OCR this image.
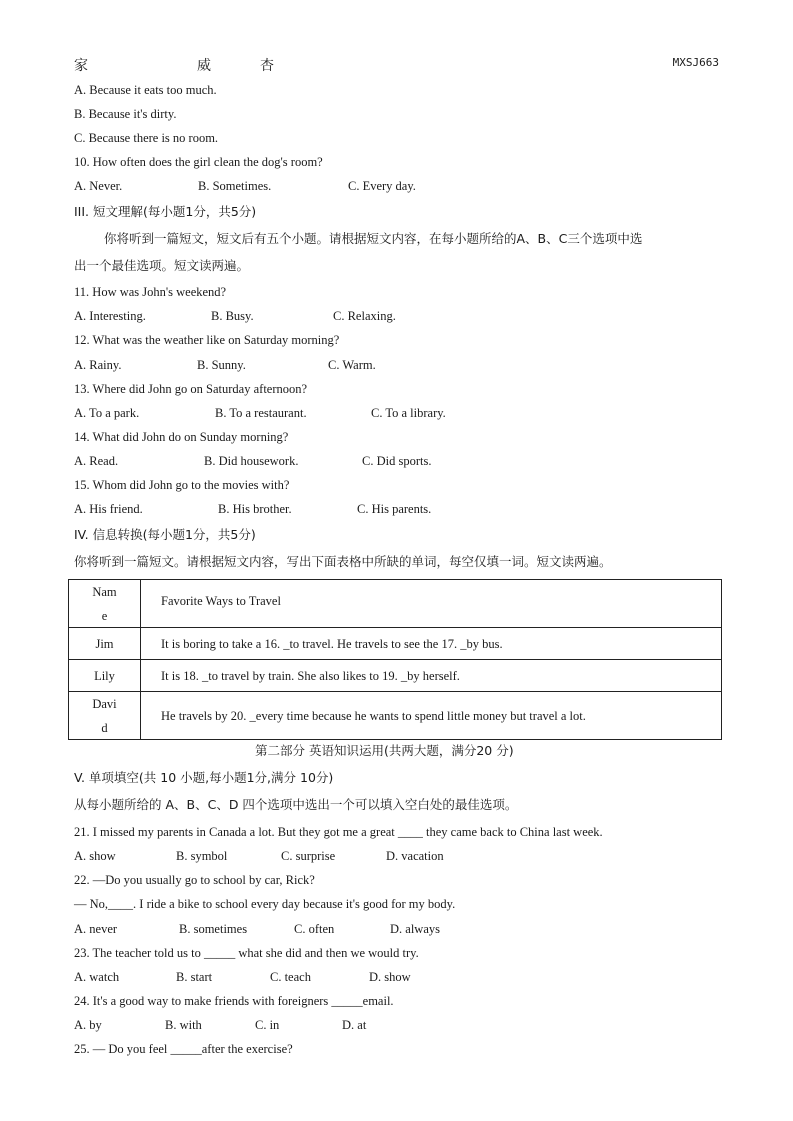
家	威	杏	MXSJ663
A. Because it eats too much.
B. Because it's dirty.
C. Because there is no room.
10. How often does the girl clean the dog's room?
A. Never.	B. Sometimes.	C. Every day.
III. 短文理解(每小题1分，共5分)
你将听到一篇短文，短文后有五个小题。请根据短文内容，在每小题所给的A、B、C三个选项中选
出一个最佳选项。短文读两遍。
11. How was John's weekend?
A. Interesting.	B. Busy.	C. Relaxing.
12. What was the weather like on Saturday morning?
A. Rainy.	B. Sunny.	C. Warm.
13. Where did John go on Saturday afternoon?
A. To a park.	B. To a restaurant.	C. To a library.
14. What did John do on Sunday morning?
A. Read.	B. Did housework.	C. Did sports.
15. Whom did John go to the movies with?
A. His friend.	B. His brother.	C. His parents.
IV. 信息转换(每小题1分，共5分)
你将听到一篇短文。请根据短文内容，写出下面表格中所缺的单词，每空仅填一词。短文读两遍。
Nam
e	Favorite Ways to Travel
Jim	It is boring to take a 16. _to travel. He travels to see the 17. _by bus.
Lily	It is 18. _to travel by train. She also likes to 19. _by herself.

Davi
d	He travels by 20. _every time because he wants to spend little money but travel a lot.
第二部分 英语知识运用(共两大题，满分20 分)
V. 单项填空(共 10 小题,每小题1分,满分 10分)
从每小题所给的 A、B、C、D 四个选项中选出一个可以填入空白处的最佳选项。
21. I missed my parents in Canada a lot. But they got me a great ____ they came back to China last week.
A. show	B. symbol	C. surprise	D. vacation
22. —Do you usually go to school by car, Rick?
— No,____. I ride a bike to school every day because it's good for my body.
A. never	B. sometimes	C. often	D. always
23. The teacher told us to _____ what she did and then we would try.
A. watch	B. start	C. teach	D. show
24. It's a good way to make friends with foreigners _____email.
A. by	B. with	C. in	D. at
25. — Do you feel _____after the exercise?
